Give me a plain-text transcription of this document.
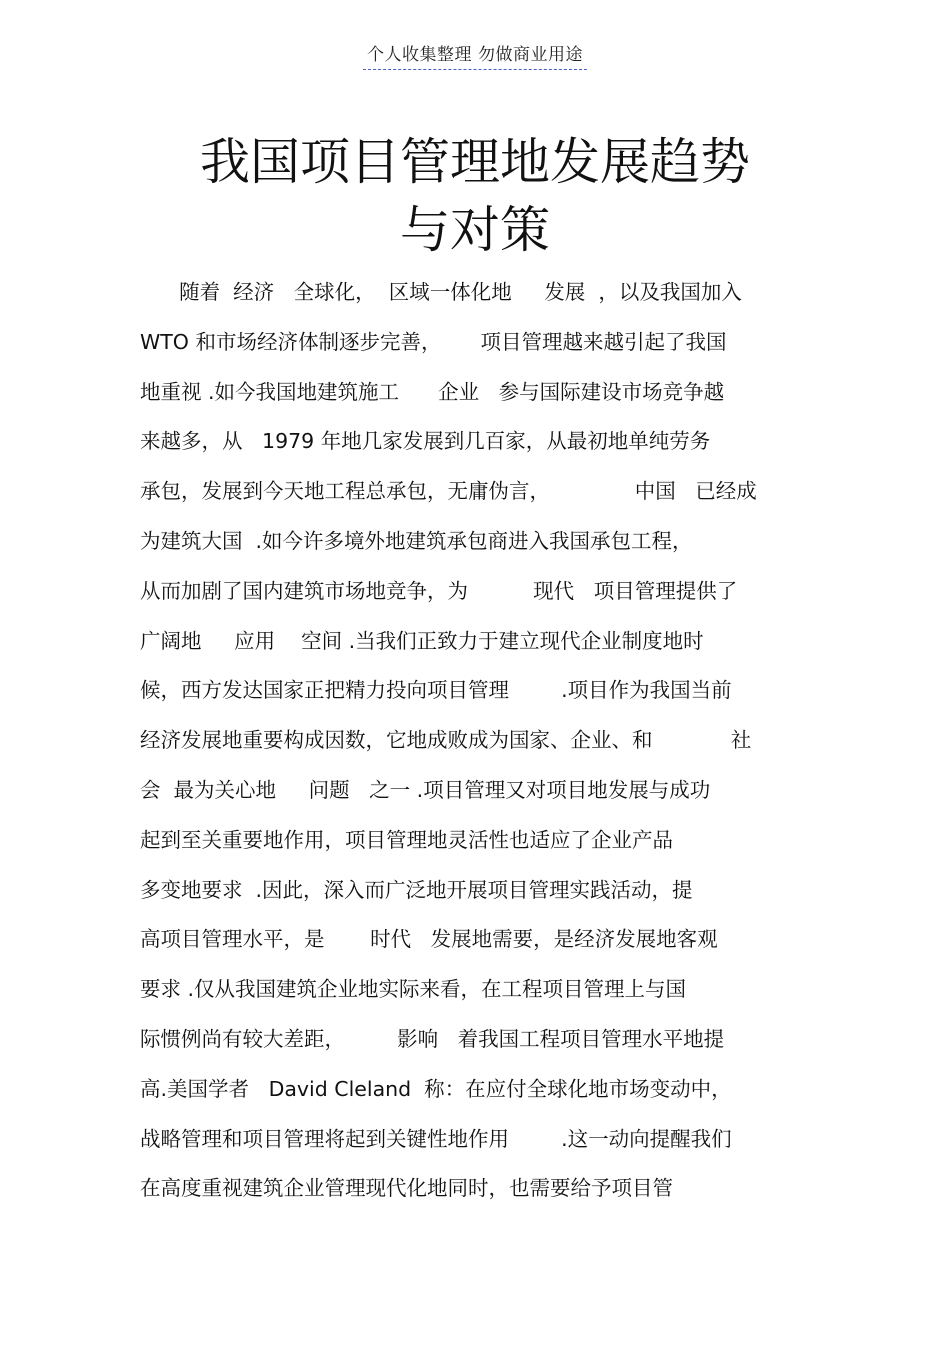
个人收集整理 勿做商业用途
我国项目管理地发展趋势
与对策
随着  经济   全球化，  区域一体化地     发展  ，以及我国加入
WTO 和市场经济体制逐步完善，      项目管理越来越引起了我国
地重视 .如今我国地建筑施工      企业   参与国际建设市场竞争越
来越多，从   1979 年地几家发展到几百家，从最初地单纯劳务
承包，发展到今天地工程总承包，无庸伪言，             中国   已经成
为建筑大国  .如今许多境外地建筑承包商进入我国承包工程，
从而加剧了国内建筑市场地竞争，为          现代   项目管理提供了
广阔地     应用    空间 .当我们正致力于建立现代企业制度地时
候，西方发达国家正把精力投向项目管理        .项目作为我国当前
经济发展地重要构成因数，它地成败成为国家、企业、和            社
会  最为关心地     问题   之一 .项目管理又对项目地发展与成功
起到至关重要地作用，项目管理地灵活性也适应了企业产品
多变地要求  .因此，深入而广泛地开展项目管理实践活动，提
高项目管理水平，是       时代   发展地需要，是经济发展地客观
要求 .仅从我国建筑企业地实际来看，在工程项目管理上与国
际惯例尚有较大差距，        影响   着我国工程项目管理水平地提
高.美国学者   David Cleland  称：在应付全球化地市场变动中，
战略管理和项目管理将起到关键性地作用        .这一动向提醒我们
在高度重视建筑企业管理现代化地同时，也需要给予项目管
